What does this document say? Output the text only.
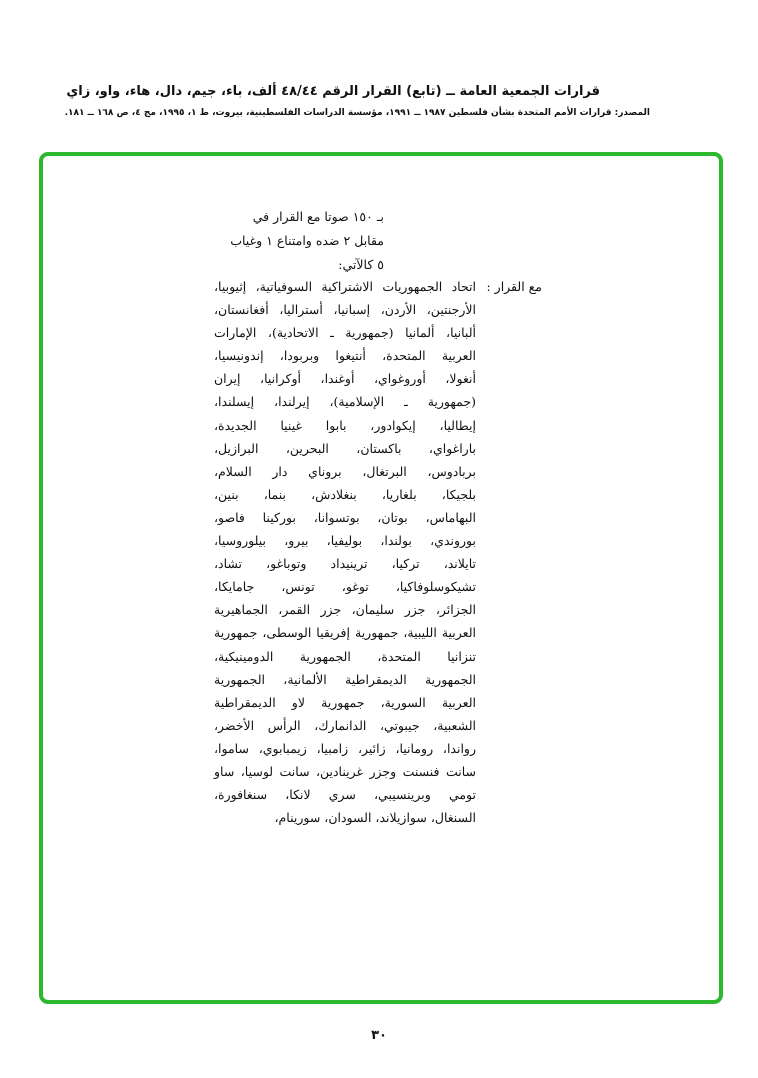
قرارات الجمعية العامة ــ (تابع) القرار الرقم ٤٨/٤٤ ألف، باء، جيم، دال، هاء، واو، زاي
المصدر: قرارات الأمم المتحدة بشأن فلسطين ١٩٨٧ ــ ١٩٩١، مؤسسة الدراسات الفلسطينية، بيروت، ط ١، ١٩٩٥، مج ٤، ص ١٦٨ ــ ١٨١.
بـ ١٥٠ صوتا مع القرار في
مقابل ٢ ضده وامتناع ١ وغياب
٥ كالآتي:
مع القرار :
اتحاد الجمهوريات الاشتراكية السوفياتية، إثيوبيا،
الأرجنتين، الأردن، إسبانيا، أستراليا، أفغانستان،
ألبانيا، ألمانيا (جمهورية ـ الاتحادية)، الإمارات
العربية المتحدة، أنتيغوا وبربودا، إندونيسيا،
أنغولا، أوروغواي، أوغندا، أوكرانيا، إيران
(جمهورية ـ الإسلامية)، إيرلندا، إيسلندا،
إيطاليا، إيكوادور، بابوا غينيا الجديدة،
باراغواي، باكستان، البحرين، البرازيل،
بربادوس، البرتغال، بروناي دار السلام،
بلجيكا، بلغاريا، بنغلادش، بنما، بنين،
البهاماس، بوتان، بوتسوانا، بوركينا فاصو،
بوروندي، بولندا، بوليفيا، بيرو، بيلوروسيا،
تايلاند، تركيا، ترينيداد وتوباغو، تشاد،
تشيكوسلوفاكيا، توغو، تونس، جامايكا،
الجزائر، جزر سليمان، جزر القمر، الجماهيرية
العربية الليبية، جمهورية إفريقيا الوسطى، جمهورية
تنزانيا المتحدة، الجمهورية الدومينيكية،
الجمهورية الديمقراطية الألمانية، الجمهورية
العربية السورية، جمهورية لاو الديمقراطية
الشعبية، جيبوتي، الدانمارك، الرأس الأخضر،
رواندا، رومانيا، زائير، زامبيا، زيمبابوي، ساموا،
سانت فنسنت وجزر غرينادين، سانت لوسيا، ساو
تومي وبرينسيبي، سري لانكا، سنغافورة،
السنغال، سوازيلاند، السودان، سورينام،
٣٠
